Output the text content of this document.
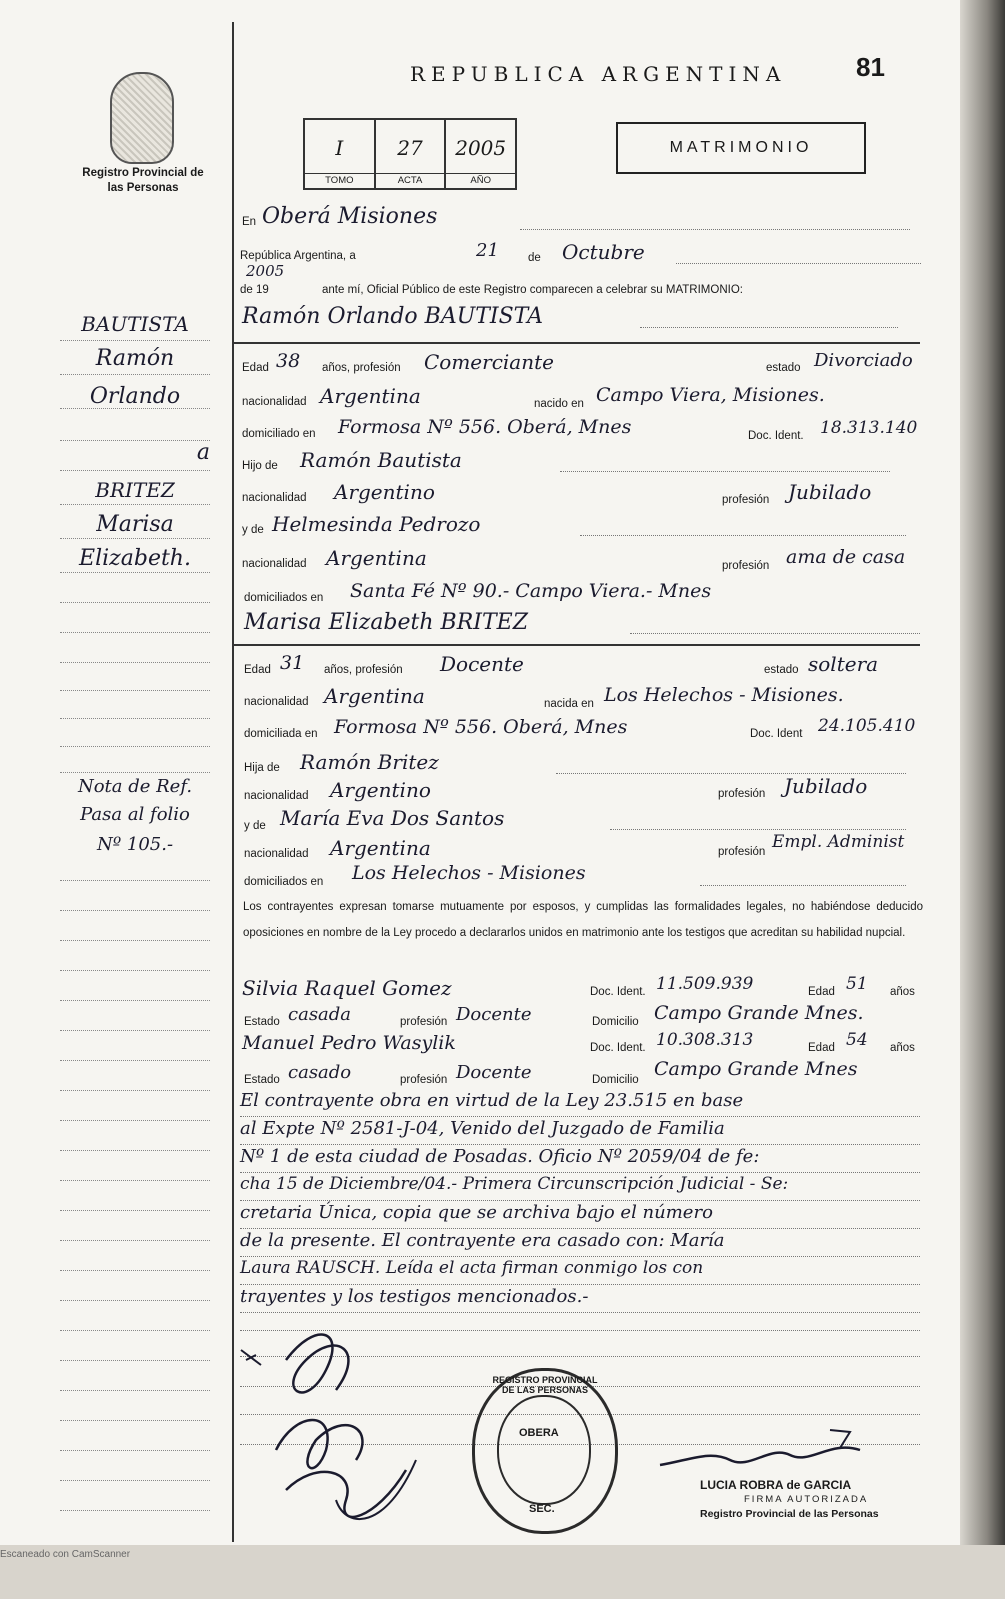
Registro Provincial de las Personas
REPUBLICA ARGENTINA	81
I
TOMO
27
ACTA
2005
AÑO
MATRIMONIO
En Oberá Misiones
República Argentina, a	21	de Octubre
2005
de 19	ante mí, Oficial Público de este Registro comparecen a celebrar su MATRIMONIO:
BAUTISTA
Ramón
Orlando
a
BRITEZ
Marisa
Elizabeth.
Nota de Ref.
Pasa al folio
Nº 105.-
Ramón Orlando BAUTISTA
Edad 38 años, profesión Comerciante	estado Divorciado
nacionalidad Argentina	nacido en Campo Viera, Misiones.
domiciliado en Formosa Nº 556. Oberá, Mnes	Doc. Ident. 18.313.140
Hijo de Ramón Bautista
nacionalidad Argentino	profesión Jubilado
y de Helmesinda Pedrozo
nacionalidad Argentina	profesión ama de casa
domiciliados en Santa Fé Nº 90.- Campo Viera.- Mnes
Marisa Elizabeth BRITEZ
Edad 31 años, profesión Docente	estado soltera
nacionalidad Argentina	nacida en Los Helechos - Misiones.
domiciliada en Formosa Nº 556. Oberá, Mnes	Doc. Ident 24.105.410
Hija de Ramón Britez
nacionalidad Argentino	profesión Jubilado
y de María Eva Dos Santos
nacionalidad Argentina	profesión Empl. Administ
domiciliados en Los Helechos - Misiones
Los contrayentes expresan tomarse mutuamente por esposos, y cumplidas las formalidades legales, no habiéndose deducido oposiciones en nombre de la Ley procedo a declararlos unidos en matrimonio ante los testigos que acreditan su habilidad nupcial.
Silvia Raquel Gomez	Doc. Ident. 11.509.939	Edad 51 años
Estado casada	profesión Docente	Domicilio Campo Grande Mnes.
Manuel Pedro Wasylik	Doc. Ident. 10.308.313	Edad 54 años
Estado casado	profesión Docente	Domicilio Campo Grande Mnes
El contrayente obra en virtud de la Ley 23.515 en base
al Expte Nº 2581-J-04, Venido del Juzgado de Familia
Nº 1 de esta ciudad de Posadas. Oficio Nº 2059/04 de fe:
cha 15 de Diciembre/04.- Primera Circunscripción Judicial - Se:
cretaria Única, copia que se archiva bajo el número
de la presente. El contrayente era casado con: María
Laura RAUSCH. Leída el acta firman conmigo los con
trayentes y los testigos mencionados.-
REGISTRO PROVINCIAL DE LAS PERSONAS
OBERA
SEC.
LUCIA ROBRA de GARCIA
FIRMA AUTORIZADA
Registro Provincial de las Personas
Escaneado con CamScanner
